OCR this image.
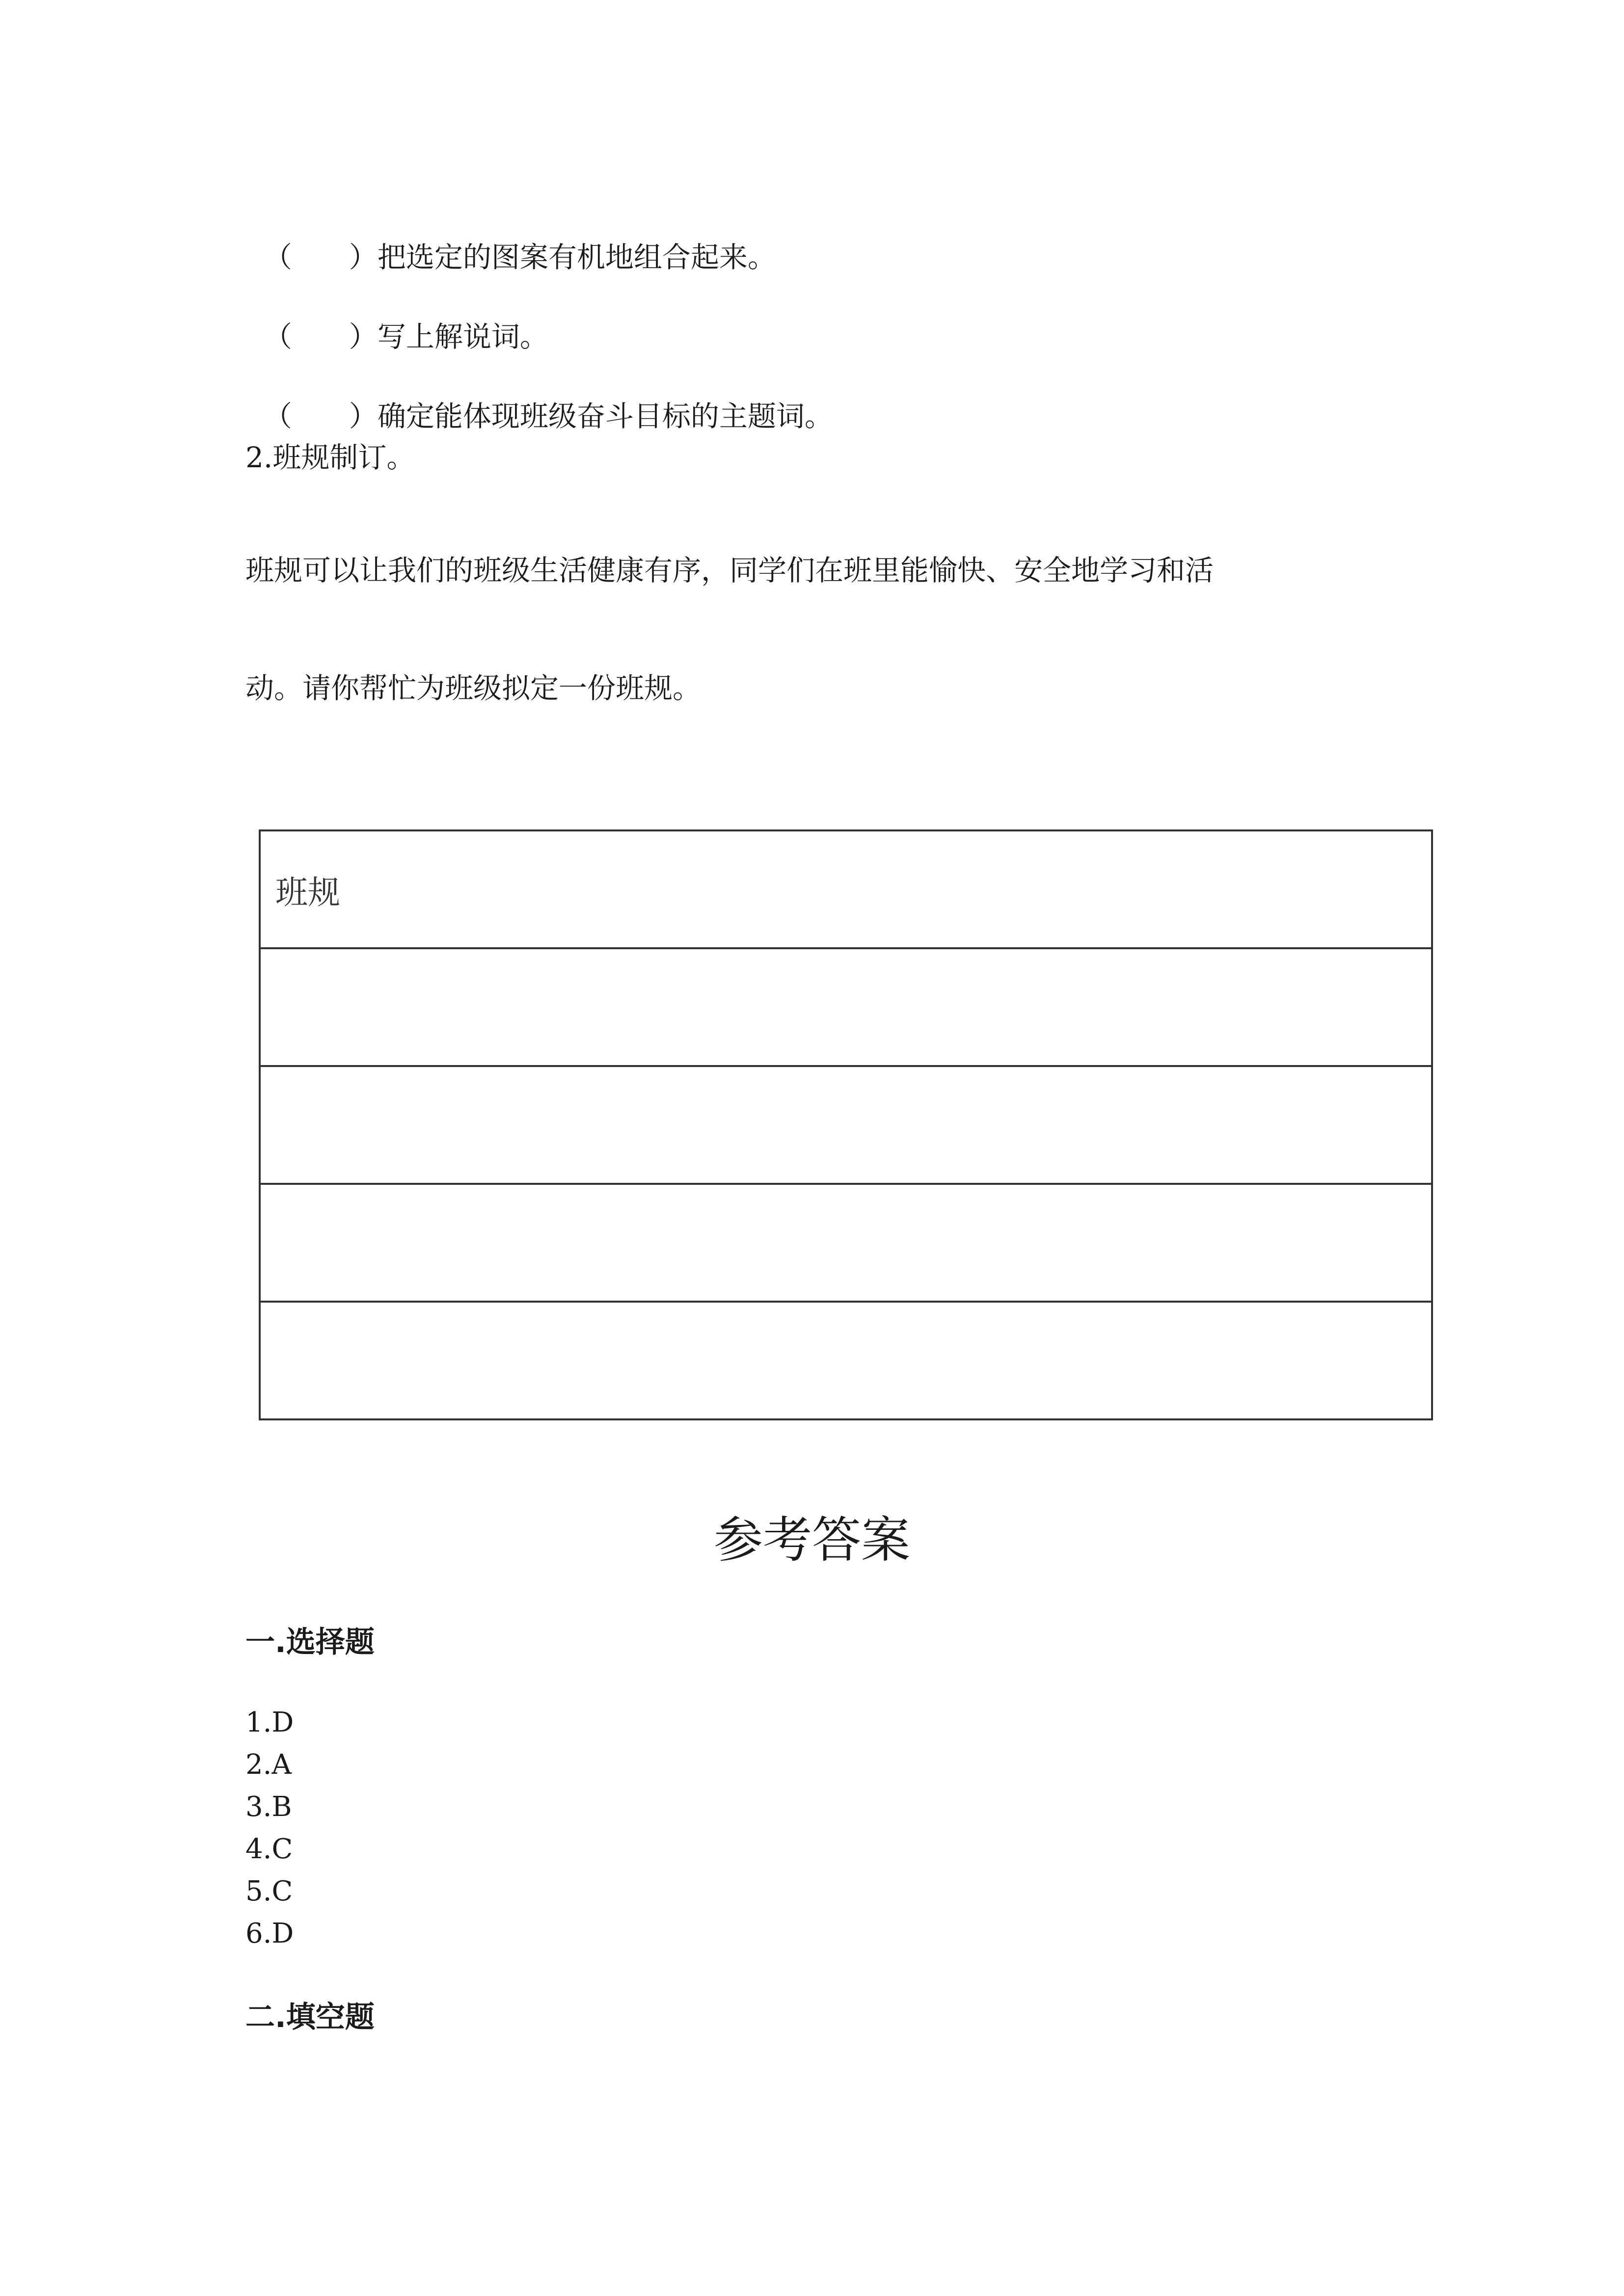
（　　）把选定的图案有机地组合起来。

（　　）写上解说词。

（　　）确定能体现班级奋斗目标的主题词。

2.班规制订。
班规可以让我们的班级生活健康有序，同学们在班里能愉快、安全地学习和活
动。请你帮忙为班级拟定一份班规。
班规

参考答案
一.选择题
1.D
2.A
3.B
4.C
5.C
6.D
二.填空题
